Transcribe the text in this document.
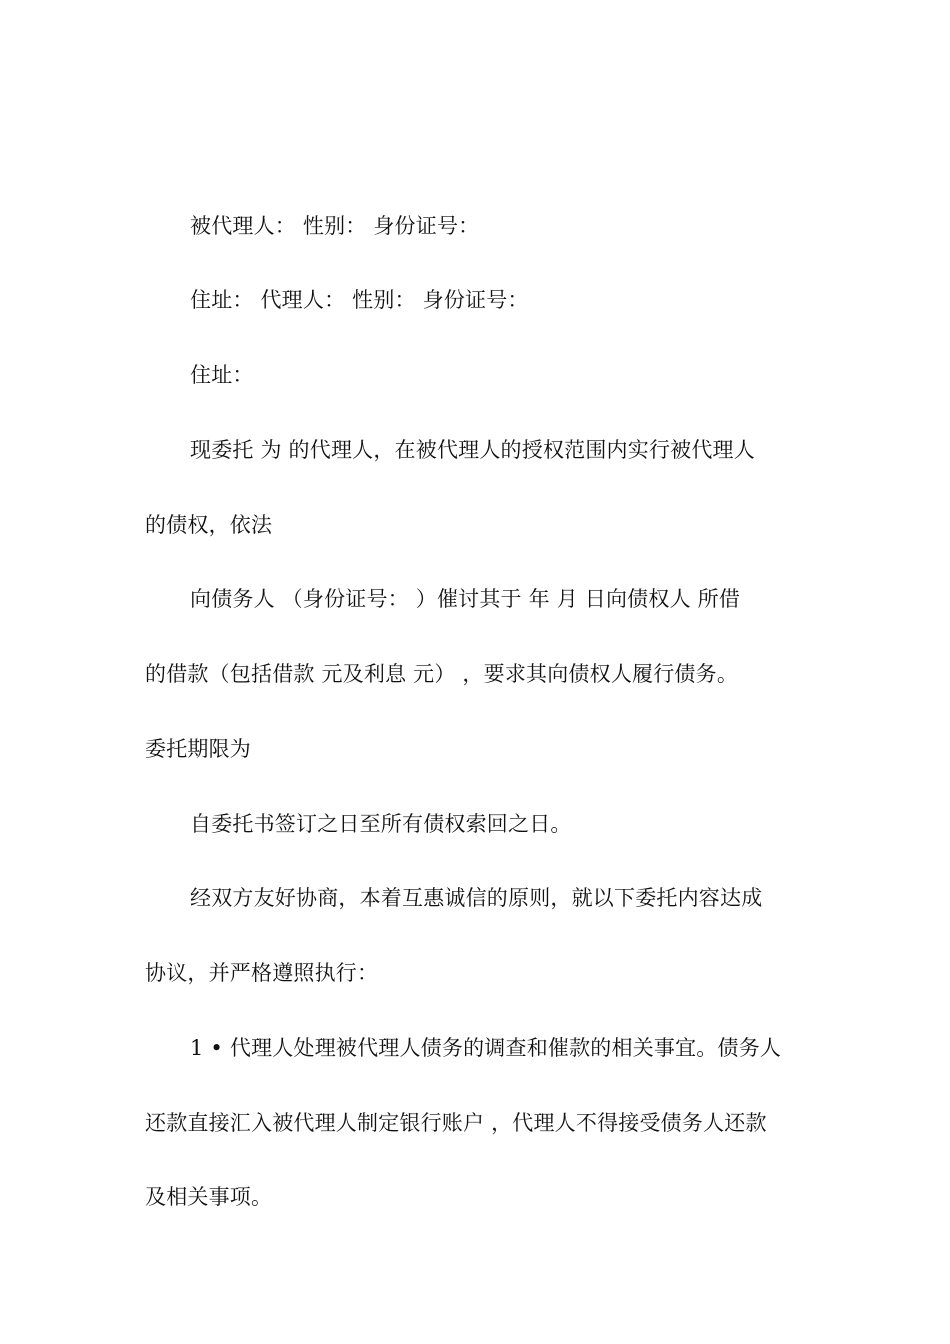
被代理人： 性别： 身份证号：
住址： 代理人： 性别： 身份证号：
住址：
现委托 为 的代理人，在被代理人的授权范围内实行被代理人
的债权，依法
向债务人 （身份证号： ）催讨其于 年 月 日向债权人 所借
的借款（包括借款 元及利息 元） ，要求其向债权人履行债务。
委托期限为
自委托书签订之日至所有债权索回之日。
经双方友好协商，本着互惠诚信的原则，就以下委托内容达成
协议，并严格遵照执行：
1 • 代理人处理被代理人债务的调查和催款的相关事宜。债务人
还款直接汇入被代理人制定银行账户 ，代理人不得接受债务人还款
及相关事项。
